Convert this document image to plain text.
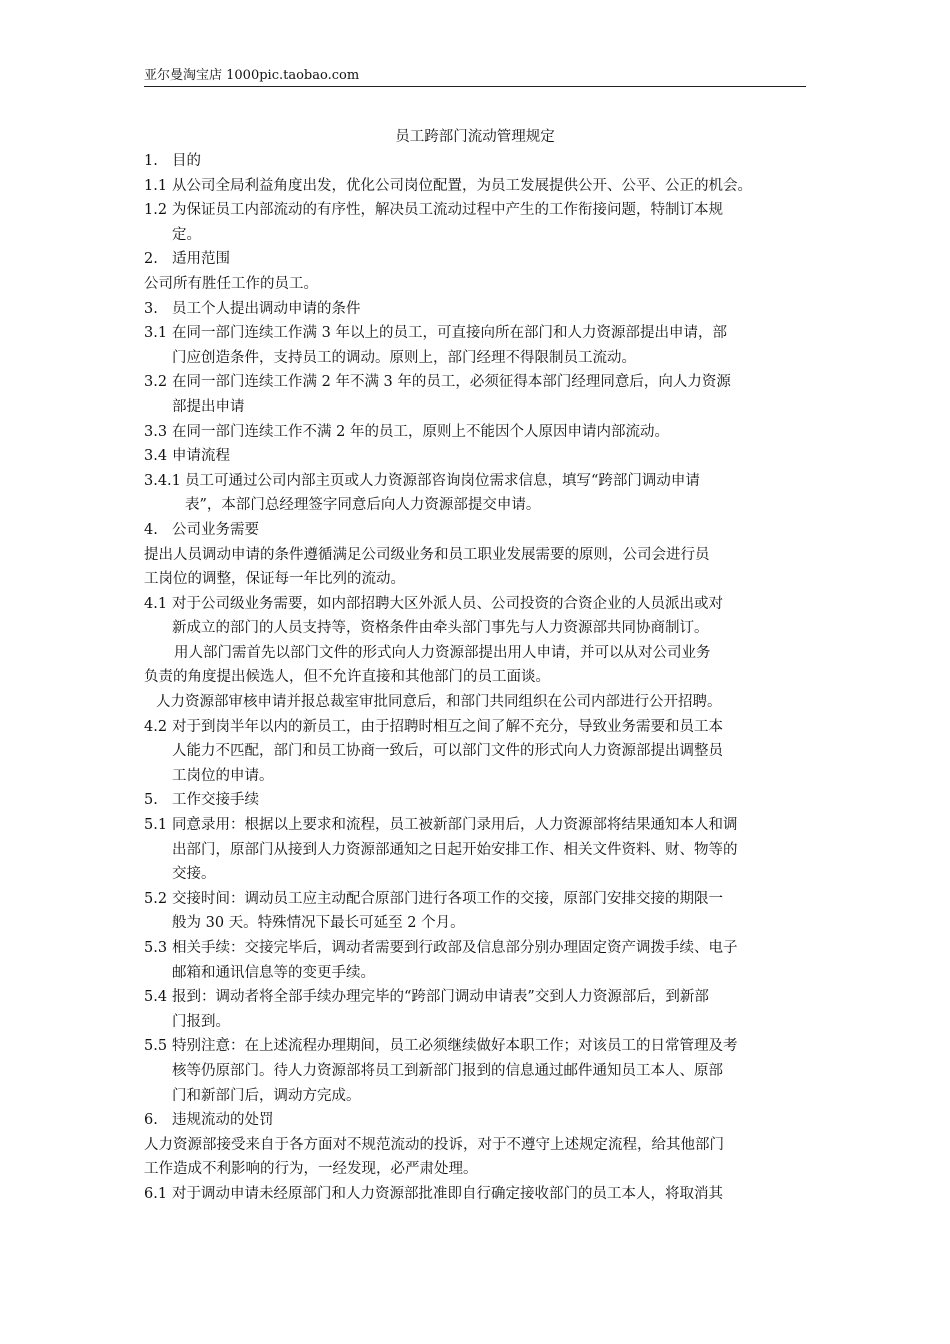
亚尔曼淘宝店 1000pic.taobao.com
员工跨部门流动管理规定
1. 目的
1.1 从公司全局利益角度出发，优化公司岗位配置，为员工发展提供公开、公平、公正的机会。
1.2 为保证员工内部流动的有序性，解决员工流动过程中产生的工作衔接问题，特制订本规
定。
2. 适用范围
公司所有胜任工作的员工。
3. 员工个人提出调动申请的条件
3.1 在同一部门连续工作满 3 年以上的员工，可直接向所在部门和人力资源部提出申请，部
门应创造条件，支持员工的调动。原则上，部门经理不得限制员工流动。
3.2 在同一部门连续工作满 2 年不满 3 年的员工，必须征得本部门经理同意后，向人力资源
部提出申请
3.3 在同一部门连续工作不满 2 年的员工，原则上不能因个人原因申请内部流动。
3.4 申请流程
3.4.1 员工可通过公司内部主页或人力资源部咨询岗位需求信息，填写“跨部门调动申请
表”，本部门总经理签字同意后向人力资源部提交申请。
4. 公司业务需要
提出人员调动申请的条件遵循满足公司级业务和员工职业发展需要的原则，公司会进行员
工岗位的调整，保证每一年比列的流动。
4.1 对于公司级业务需要，如内部招聘大区外派人员、公司投资的合资企业的人员派出或对
新成立的部门的人员支持等，资格条件由牵头部门事先与人力资源部共同协商制订。
用人部门需首先以部门文件的形式向人力资源部提出用人申请，并可以从对公司业务
负责的角度提出候选人，但不允许直接和其他部门的员工面谈。
人力资源部审核申请并报总裁室审批同意后，和部门共同组织在公司内部进行公开招聘。
4.2 对于到岗半年以内的新员工，由于招聘时相互之间了解不充分，导致业务需要和员工本
人能力不匹配，部门和员工协商一致后，可以部门文件的形式向人力资源部提出调整员
工岗位的申请。
5. 工作交接手续
5.1 同意录用：根据以上要求和流程，员工被新部门录用后，人力资源部将结果通知本人和调
出部门，原部门从接到人力资源部通知之日起开始安排工作、相关文件资料、财、物等的
交接。
5.2 交接时间：调动员工应主动配合原部门进行各项工作的交接，原部门安排交接的期限一
般为 30 天。特殊情况下最长可延至 2 个月。
5.3 相关手续：交接完毕后，调动者需要到行政部及信息部分别办理固定资产调拨手续、电子
邮箱和通讯信息等的变更手续。
5.4 报到：调动者将全部手续办理完毕的“跨部门调动申请表”交到人力资源部后，到新部
门报到。
5.5 特别注意：在上述流程办理期间，员工必须继续做好本职工作；对该员工的日常管理及考
核等仍原部门。待人力资源部将员工到新部门报到的信息通过邮件通知员工本人、原部
门和新部门后，调动方完成。
6. 违规流动的处罚
人力资源部接受来自于各方面对不规范流动的投诉，对于不遵守上述规定流程，给其他部门
工作造成不利影响的行为，一经发现，必严肃处理。
6.1 对于调动申请未经原部门和人力资源部批准即自行确定接收部门的员工本人，将取消其
